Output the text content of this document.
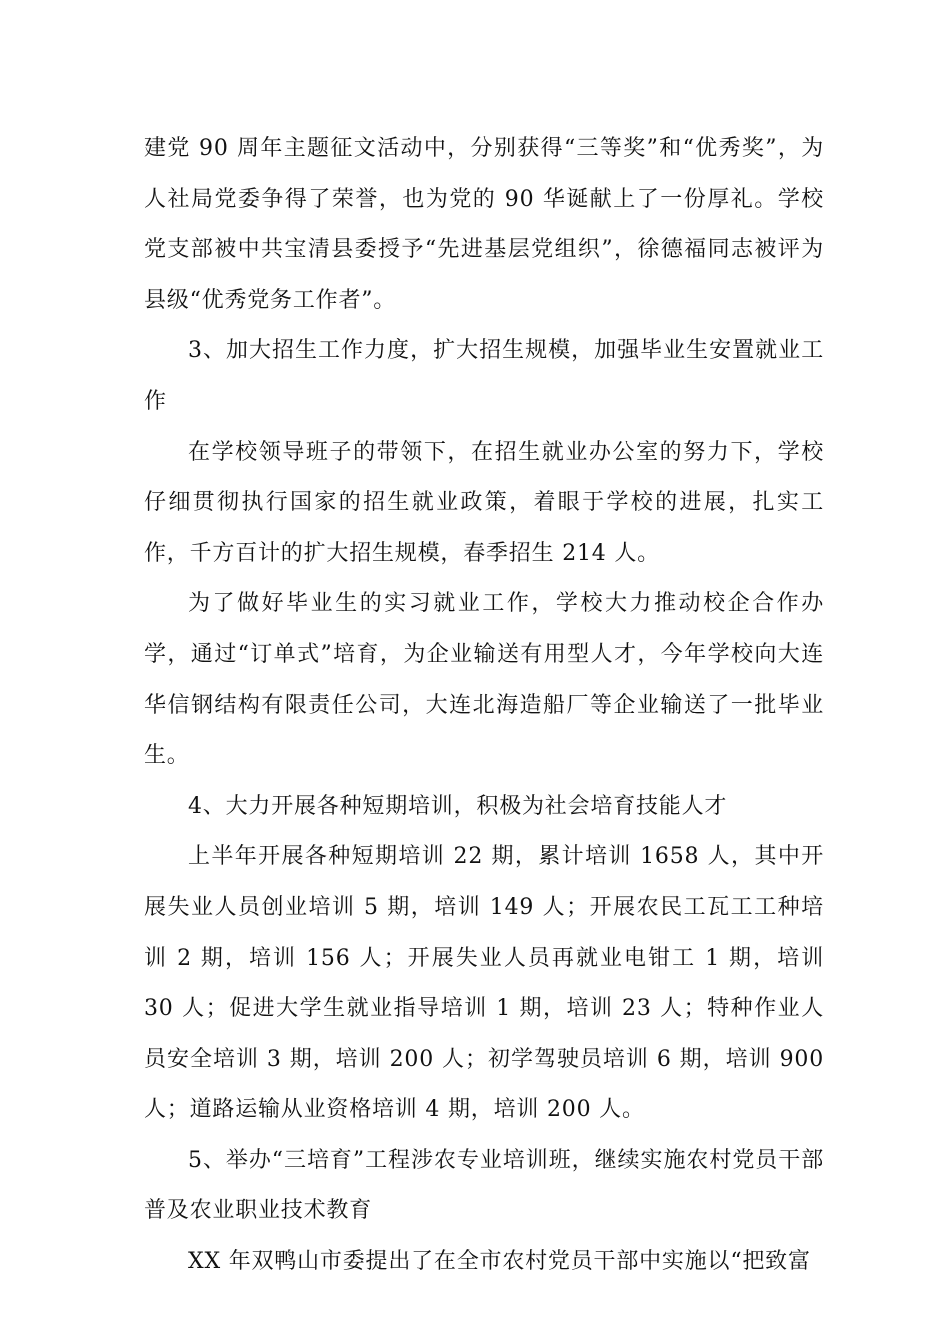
建党 90 周年主题征文活动中，分别获得“三等奖”和“优秀奖”，为人社局党委争得了荣誉，也为党的 90 华诞献上了一份厚礼。学校党支部被中共宝清县委授予“先进基层党组织”，徐德福同志被评为县级“优秀党务工作者”。

3、加大招生工作力度，扩大招生规模，加强毕业生安置就业工作

在学校领导班子的带领下，在招生就业办公室的努力下，学校仔细贯彻执行国家的招生就业政策，着眼于学校的进展，扎实工作，千方百计的扩大招生规模，春季招生 214 人。

为了做好毕业生的实习就业工作，学校大力推动校企合作办学，通过“订单式”培育，为企业输送有用型人才，今年学校向大连华信钢结构有限责任公司，大连北海造船厂等企业输送了一批毕业生。

4、大力开展各种短期培训，积极为社会培育技能人才

上半年开展各种短期培训 22 期，累计培训 1658 人，其中开展失业人员创业培训 5 期，培训 149 人；开展农民工瓦工工种培训 2 期，培训 156 人；开展失业人员再就业电钳工 1 期，培训 30 人；促进大学生就业指导培训 1 期，培训 23 人；特种作业人员安全培训 3 期，培训 200 人；初学驾驶员培训 6 期，培训 900 人；道路运输从业资格培训 4 期，培训 200 人。

5、举办“三培育”工程涉农专业培训班，继续实施农村党员干部普及农业职业技术教育

XX 年双鸭山市委提出了在全市农村党员干部中实施以“把致富
